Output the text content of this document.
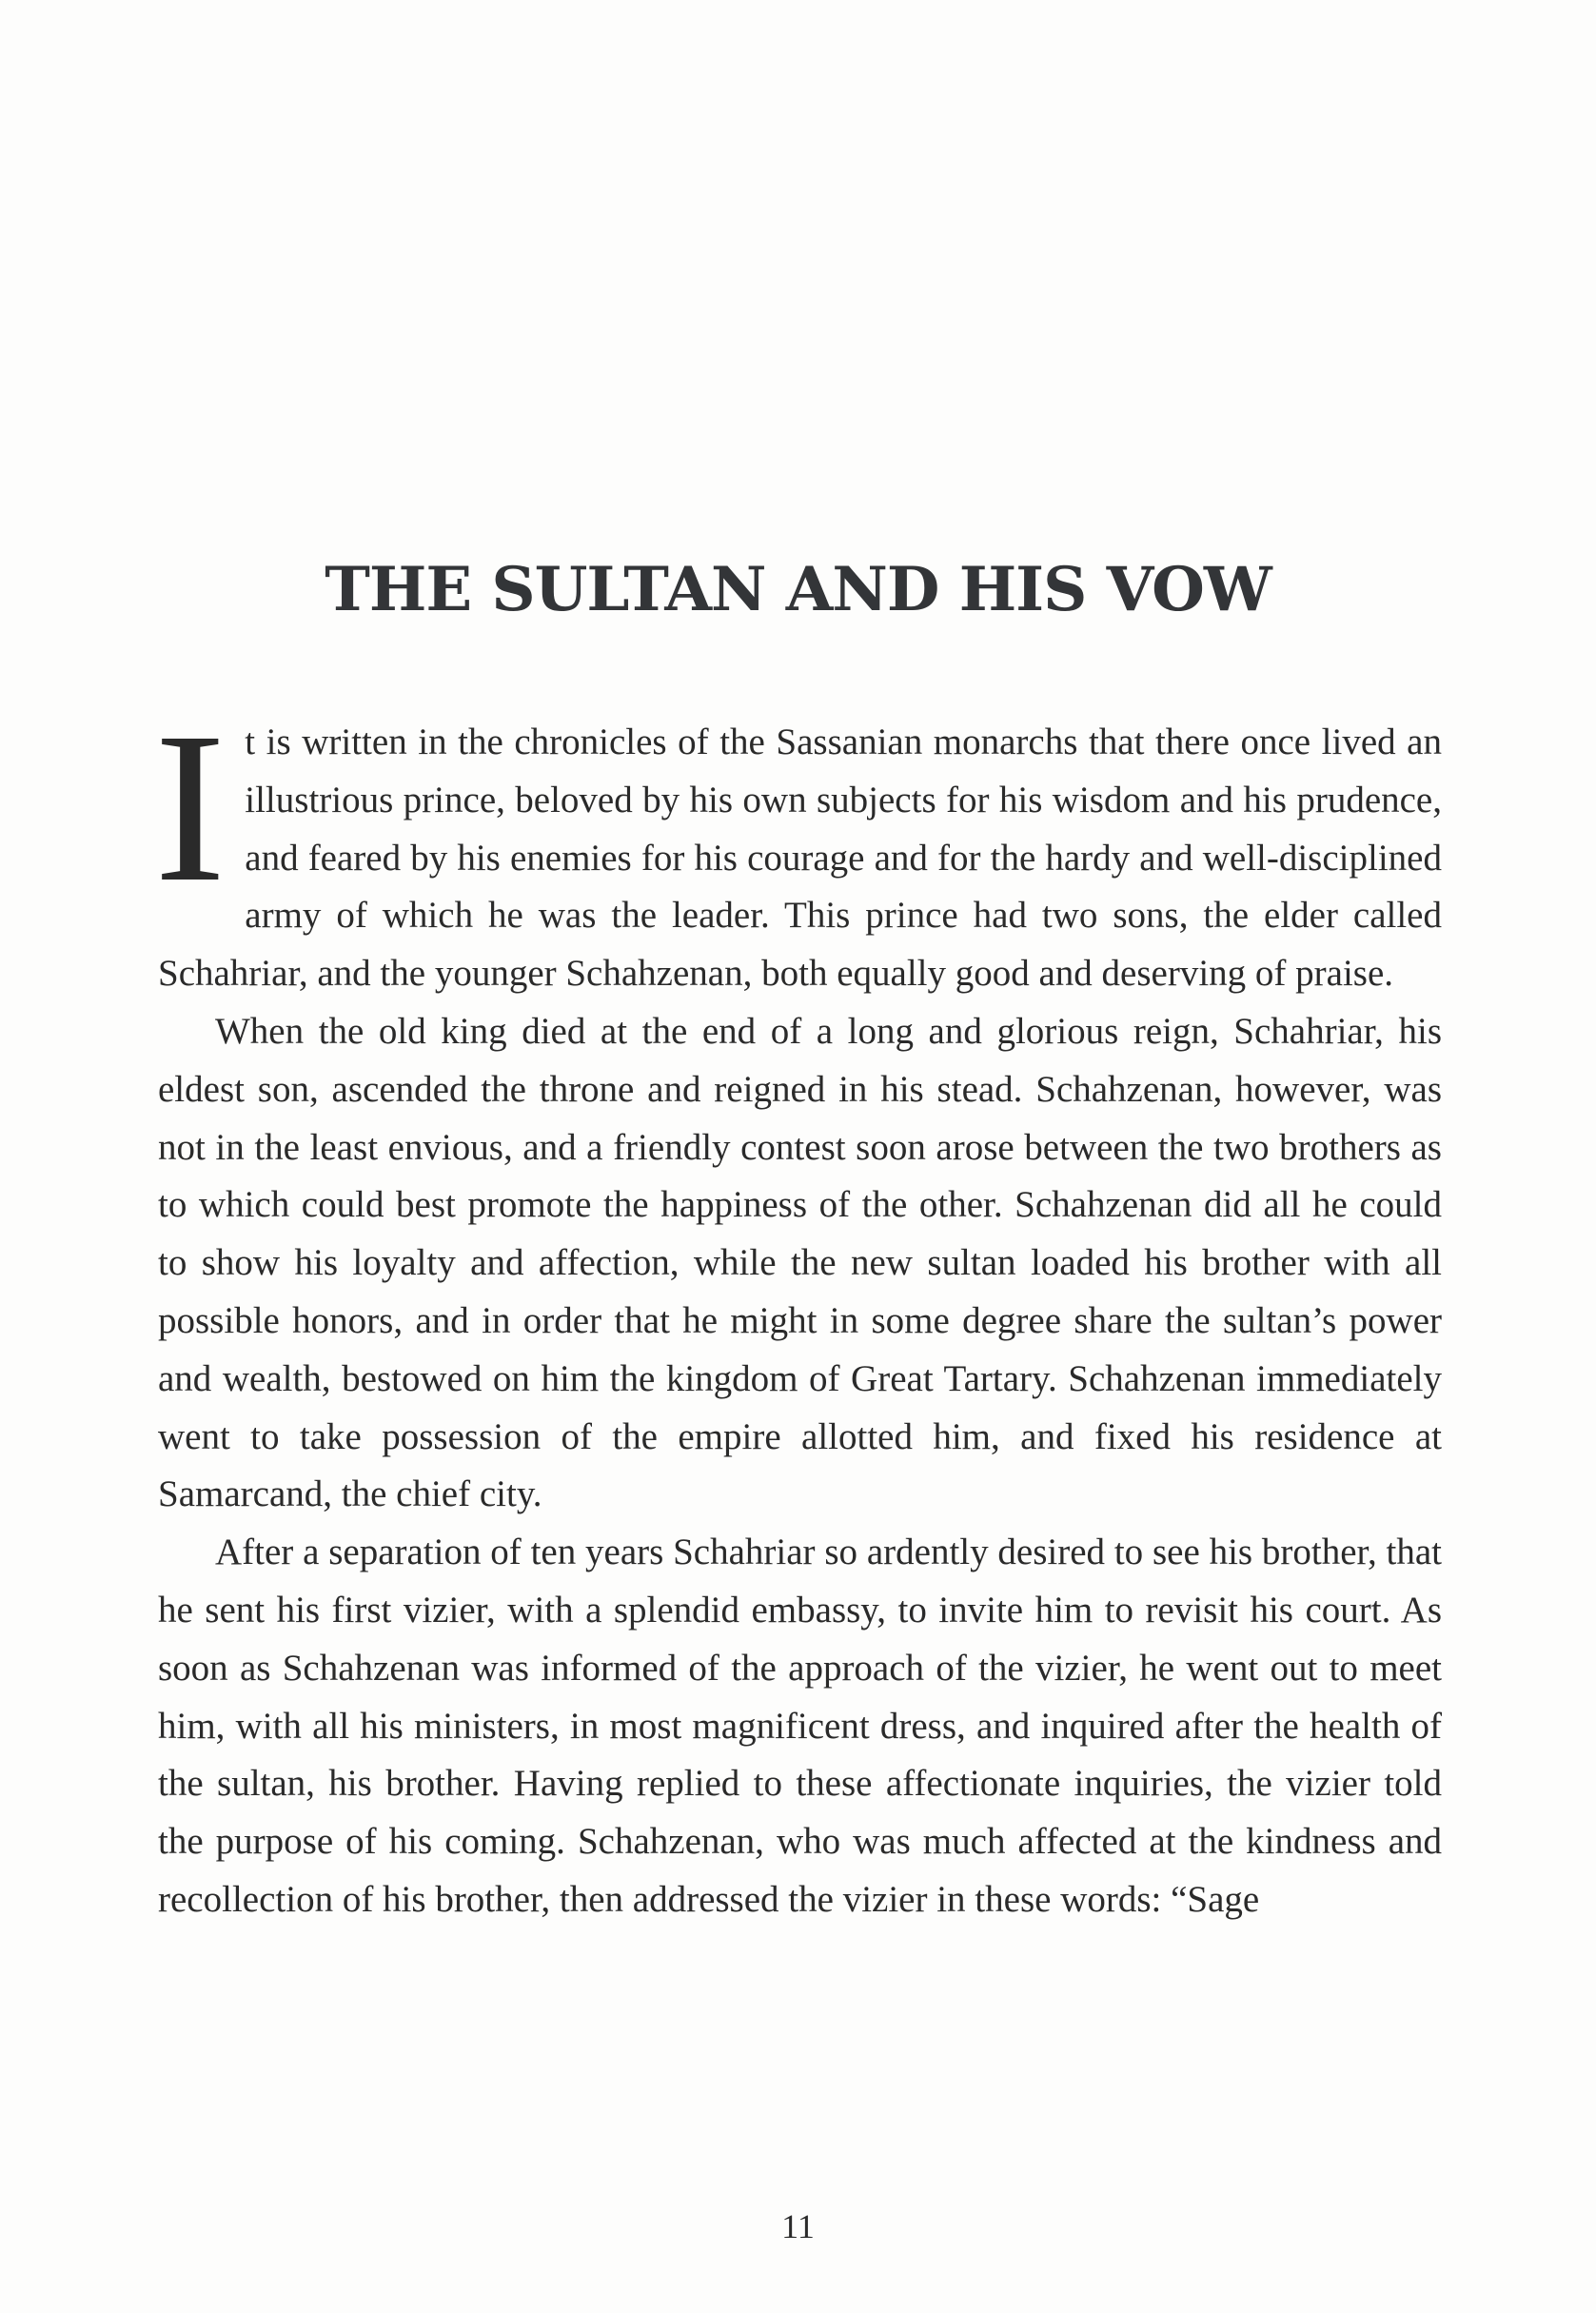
THE SULTAN AND HIS VOW

It is written in the chronicles of the Sassanian monarchs that there once lived an illustrious prince, beloved by his own subjects for his wisdom and his prudence, and feared by his enemies for his courage and for the hardy and well-disciplined army of which he was the leader. This prince had two sons, the elder called Schahriar, and the younger Schahzenan, both equally good and deserving of praise.

When the old king died at the end of a long and glorious reign, Schahriar, his eldest son, ascended the throne and reigned in his stead. Schahzenan, however, was not in the least envious, and a friendly contest soon arose between the two brothers as to which could best promote the happiness of the other. Schahzenan did all he could to show his loyalty and affection, while the new sultan loaded his brother with all possible honors, and in order that he might in some degree share the sultan’s power and wealth, bestowed on him the kingdom of Great Tartary. Schahzenan immediately went to take possession of the empire allotted him, and fixed his residence at Samarcand, the chief city.

After a separation of ten years Schahriar so ardently desired to see his brother, that he sent his first vizier, with a splendid embassy, to invite him to revisit his court. As soon as Schahzenan was informed of the approach of the vizier, he went out to meet him, with all his ministers, in most magnificent dress, and inquired after the health of the sultan, his brother. Having replied to these affectionate inquiries, the vizier told the purpose of his coming. Schahzenan, who was much affected at the kindness and recollection of his brother, then addressed the vizier in these words: “Sage

11
